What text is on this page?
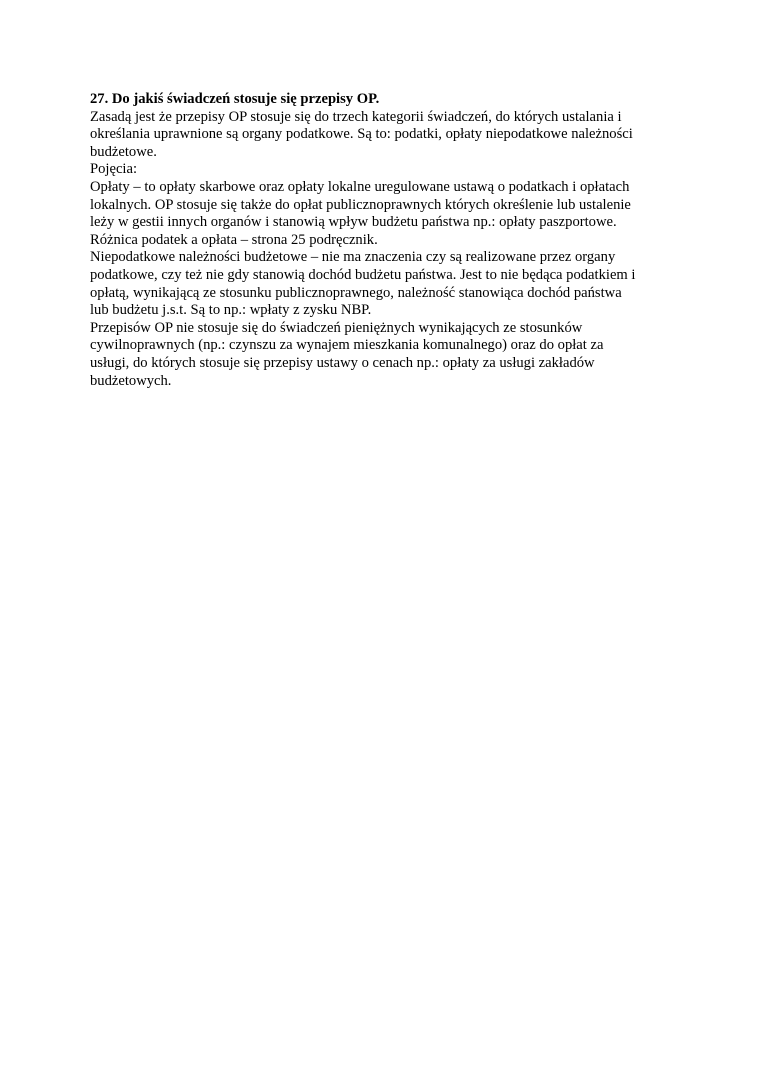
27. Do jakiś świadczeń stosuje się przepisy OP.
Zasadą jest że przepisy OP stosuje się do trzech kategorii świadczeń, do których ustalania i
określania uprawnione są organy podatkowe. Są to: podatki, opłaty niepodatkowe należności
budżetowe.
Pojęcia:
Opłaty – to opłaty skarbowe oraz opłaty lokalne uregulowane ustawą o podatkach i opłatach
lokalnych. OP stosuje się także do opłat publicznoprawnych których określenie lub ustalenie
leży w gestii innych organów i stanowią wpływ budżetu państwa np.: opłaty paszportowe.
Różnica podatek a opłata – strona 25 podręcznik.
Niepodatkowe należności budżetowe – nie ma znaczenia czy są realizowane przez organy
podatkowe, czy też nie gdy stanowią dochód budżetu państwa. Jest to nie będąca podatkiem i
opłatą, wynikającą ze stosunku publicznoprawnego, należność stanowiąca dochód państwa
lub budżetu j.s.t. Są to np.: wpłaty z zysku NBP.
Przepisów OP nie stosuje się do świadczeń pieniężnych wynikających ze stosunków
cywilnoprawnych (np.: czynszu za wynajem mieszkania komunalnego) oraz do opłat za
usługi, do których stosuje się przepisy ustawy o cenach np.: opłaty za usługi zakładów
budżetowych.
